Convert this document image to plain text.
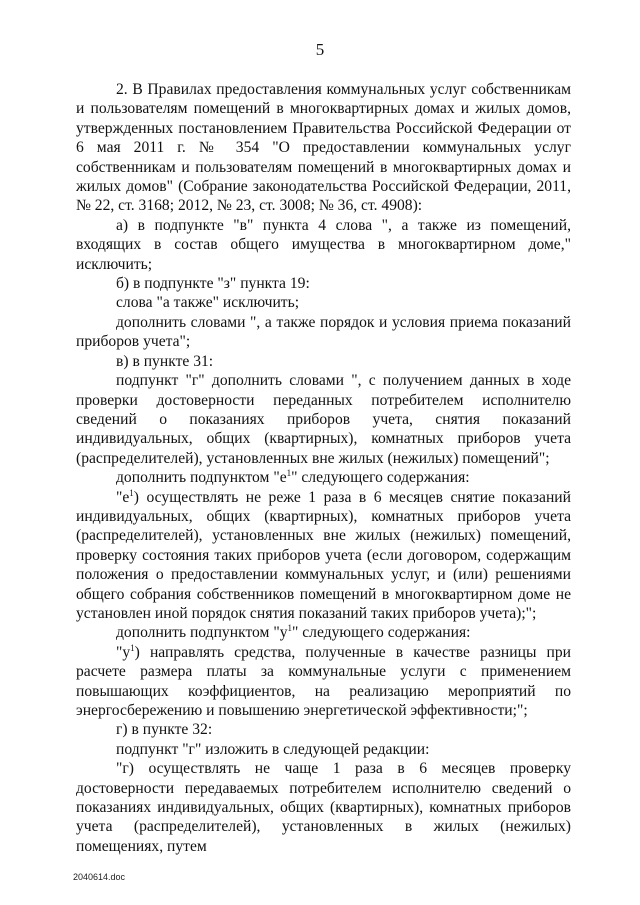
5

2. В Правилах предоставления коммунальных услуг собственникам и пользователям помещений в многоквартирных домах и жилых домов, утвержденных постановлением Правительства Российской Федерации от 6 мая 2011 г. № 354 "О предоставлении коммунальных услуг собственникам и пользователям помещений в многоквартирных домах и жилых домов" (Собрание законодательства Российской Федерации, 2011, № 22, ст. 3168; 2012, № 23, ст. 3008; № 36, ст. 4908):

а) в подпункте "в" пункта 4 слова ", а также из помещений, входящих в состав общего имущества в многоквартирном доме," исключить;

б) в подпункте "з" пункта 19:

слова "а также" исключить;

дополнить словами ", а также порядок и условия приема показаний приборов учета";

в) в пункте 31:

подпункт "г" дополнить словами ", с получением данных в ходе проверки достоверности переданных потребителем исполнителю сведений о показаниях приборов учета, снятия показаний индивидуальных, общих (квартирных), комнатных приборов учета (распределителей), установленных вне жилых (нежилых) помещений";

дополнить подпунктом "$е^1$" следующего содержания:

"$е^1$) осуществлять не реже 1 раза в 6 месяцев снятие показаний индивидуальных, общих (квартирных), комнатных приборов учета (распределителей), установленных вне жилых (нежилых) помещений, проверку состояния таких приборов учета (если договором, содержащим положения о предоставлении коммунальных услуг, и (или) решениями общего собрания собственников помещений в многоквартирном доме не установлен иной порядок снятия показаний таких приборов учета);";

дополнить подпунктом "$у^1$" следующего содержания:

"$у^1$) направлять средства, полученные в качестве разницы при расчете размера платы за коммунальные услуги с применением повышающих коэффициентов, на реализацию мероприятий по энергосбережению и повышению энергетической эффективности;";

г) в пункте 32:

подпункт "г" изложить в следующей редакции:

"г) осуществлять не чаще 1 раза в 6 месяцев проверку достоверности передаваемых потребителем исполнителю сведений о показаниях индивидуальных, общих (квартирных), комнатных приборов учета (распределителей), установленных в жилых (нежилых) помещениях, путем

2040614.doc
